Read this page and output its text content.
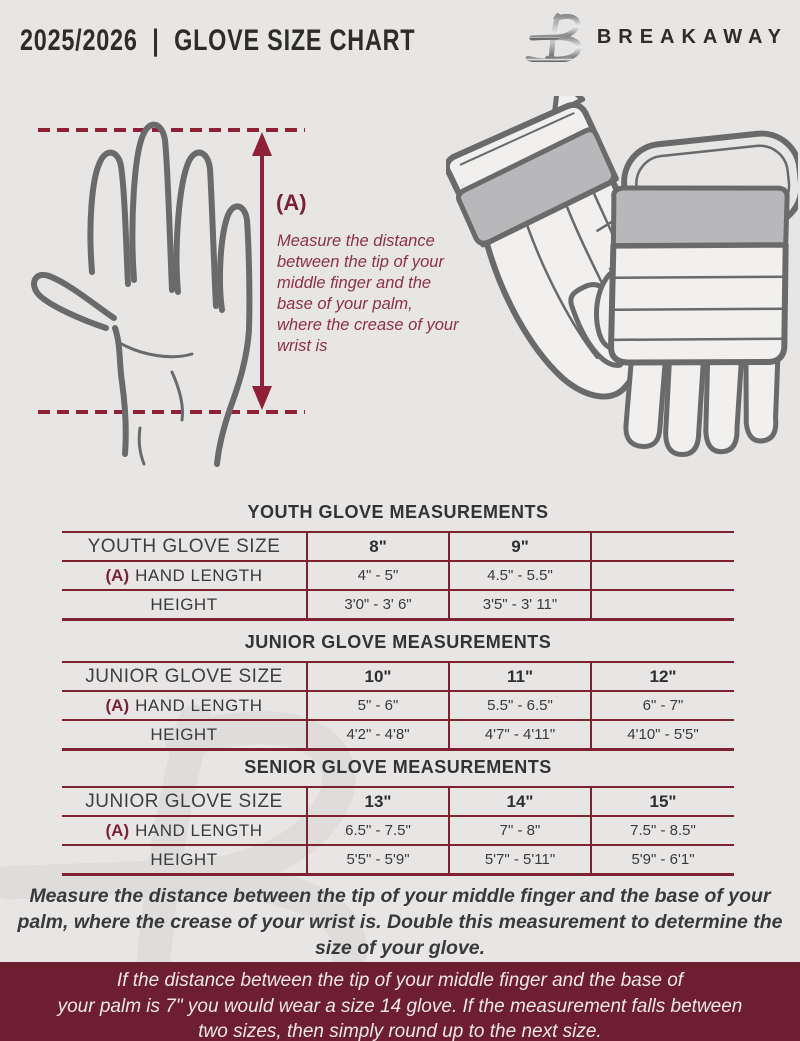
2025/2026  |  GLOVE SIZE CHART	BREAKAWAY
(A)
Measure the distance
between the tip of your
middle finger and the
base of your palm,
where the crease of your
wrist is
YOUTH GLOVE MEASUREMENTS
YOUTH GLOVE SIZE	8"	9"
(A) HAND LENGTH	4" - 5"	4.5" - 5.5"
HEIGHT	3'0" - 3' 6"	3'5" - 3' 11"
JUNIOR GLOVE MEASUREMENTS
JUNIOR GLOVE SIZE	10"	11"	12"
(A) HAND LENGTH	5" - 6"	5.5" - 6.5"	6" - 7"
HEIGHT	4'2" - 4'8"	4'7" - 4'11"	4'10" - 5'5"
SENIOR GLOVE MEASUREMENTS
JUNIOR GLOVE SIZE	13"	14"	15"
(A) HAND LENGTH	6.5" - 7.5"	7" - 8"	7.5" - 8.5"
HEIGHT	5'5" - 5'9"	5'7" - 5'11"	5'9" - 6'1"
Measure the distance between the tip of your middle finger and the base of your
palm, where the crease of your wrist is. Double this measurement to determine the
size of your glove.
If the distance between the tip of your middle finger and the base of
your palm is 7" you would wear a size 14 glove. If the measurement falls between
two sizes, then simply round up to the next size.
